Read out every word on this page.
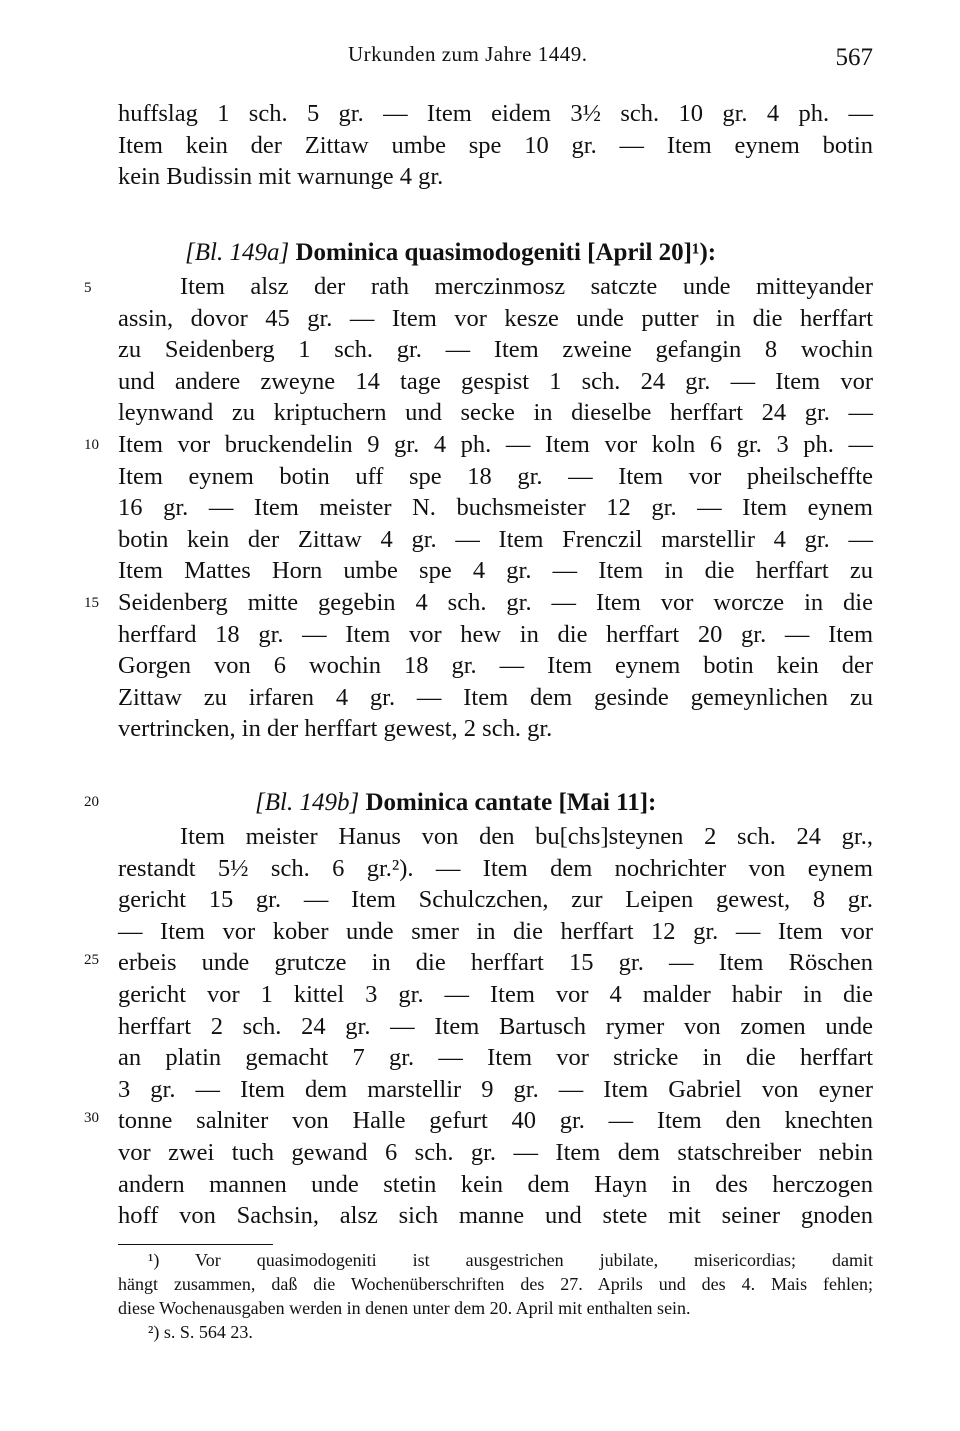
Urkunden zum Jahre 1449.	567
huffslag 1 sch. 5 gr. — Item eidem 3½ sch. 10 gr. 4 ph. —
Item kein der Zittaw umbe spe 10 gr. — Item eynem botin
kein Budissin mit warnunge 4 gr.
[Bl. 149a] Dominica quasimodogeniti [April 20]¹):
Item alsz der rath merczinmosz satczte unde mitteyander
assin, dovor 45 gr. — Item vor kesze unde putter in die herffart
zu Seidenberg 1 sch. gr. — Item zweine gefangin 8 wochin
und andere zweyne 14 tage gespist 1 sch. 24 gr. — Item vor
leynwand zu kriptuchern und secke in dieselbe herffart 24 gr. —
Item vor bruckendelin 9 gr. 4 ph. — Item vor koln 6 gr. 3 ph. —
Item eynem botin uff spe 18 gr. — Item vor pheilscheffte
16 gr. — Item meister N. buchsmeister 12 gr. — Item eynem
botin kein der Zittaw 4 gr. — Item Frenczil marstellir 4 gr. —
Item Mattes Horn umbe spe 4 gr. — Item in die herffart zu
Seidenberg mitte gegebin 4 sch. gr. — Item vor worcze in die
herffard 18 gr. — Item vor hew in die herffart 20 gr. — Item
Gorgen von 6 wochin 18 gr. — Item eynem botin kein der
Zittaw zu irfaren 4 gr. — Item dem gesinde gemeynlichen zu
vertrincken, in der herffart gewest, 2 sch. gr.
[Bl. 149b] Dominica cantate [Mai 11]:
Item meister Hanus von den bu[chs]steynen 2 sch. 24 gr.,
restandt 5½ sch. 6 gr.²). — Item dem nochrichter von eynem
gericht 15 gr. — Item Schulczchen, zur Leipen gewest, 8 gr.
— Item vor kober unde smer in die herffart 12 gr. — Item vor
erbeis unde grutcze in die herffart 15 gr. — Item Röschen
gericht vor 1 kittel 3 gr. — Item vor 4 malder habir in die
herffart 2 sch. 24 gr. — Item Bartusch rymer von zomen unde
an platin gemacht 7 gr. — Item vor stricke in die herffart
3 gr. — Item dem marstellir 9 gr. — Item Gabriel von eyner
tonne salniter von Halle gefurt 40 gr. — Item den knechten
vor zwei tuch gewand 6 sch. gr. — Item dem statschreiber nebin
andern mannen unde stetin kein dem Hayn in des herczogen
hoff von Sachsin, alsz sich manne und stete mit seiner gnoden
5
10
15
20
25
30
¹) Vor quasimodogeniti ist ausgestrichen jubilate, misericordias; damit
hängt zusammen, daß die Wochenüberschriften des 27. Aprils und des 4. Mais fehlen;
diese Wochenausgaben werden in denen unter dem 20. April mit enthalten sein.
²) s. S. 564 23.
